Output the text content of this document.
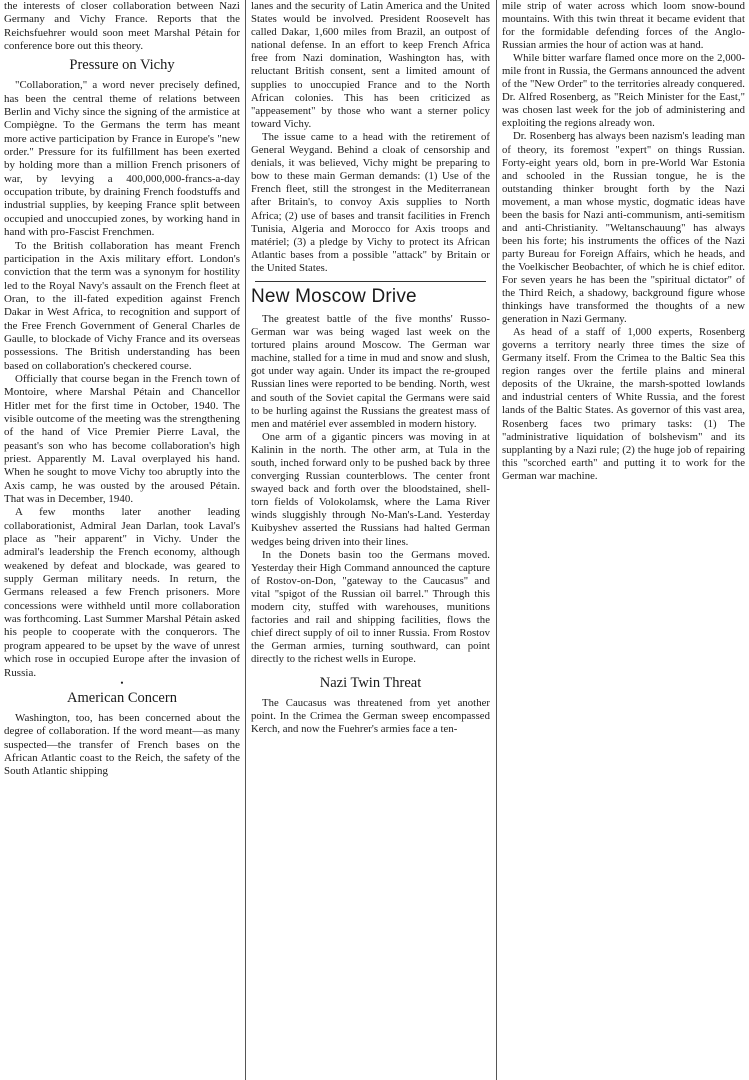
the interests of closer collaboration between Nazi Germany and Vichy France. Reports that the Reichsfuehrer would soon meet Marshal Pétain for conference bore out this theory.

Pressure on Vichy

"Collaboration," a word never precisely defined, has been the central theme of relations between Berlin and Vichy since the signing of the armistice at Compiègne. To the Germans the term has meant more active participation by France in Europe's "new order." Pressure for its fulfillment has been exerted by holding more than a million French prisoners of war, by levying a 400,000,000-francs-a-day occupation tribute, by draining French foodstuffs and industrial supplies, by keeping France split between occupied and unoccupied zones, by working hand in hand with pro-Fascist Frenchmen.

To the British collaboration has meant French participation in the Axis military effort. London's conviction that the term was a synonym for hostility led to the Royal Navy's assault on the French fleet at Oran, to the ill-fated expedition against French Dakar in West Africa, to recognition and support of the Free French Government of General Charles de Gaulle, to blockade of Vichy France and its overseas possessions. The British understanding has been based on collaboration's checkered course.

Officially that course began in the French town of Montoire, where Marshal Pétain and Chancellor Hitler met for the first time in October, 1940. The visible outcome of the meeting was the strengthening of the hand of Vice Premier Pierre Laval, the peasant's son who has become collaboration's high priest. Apparently M. Laval overplayed his hand. When he sought to move Vichy too abruptly into the Axis camp, he was ousted by the aroused Pétain. That was in December, 1940.

A few months later another leading collaborationist, Admiral Jean Darlan, took Laval's place as "heir apparent" in Vichy. Under the admiral's leadership the French economy, although weakened by defeat and blockade, was geared to supply German military needs. In return, the Germans released a few French prisoners. More concessions were withheld until more collaboration was forthcoming. Last Summer Marshal Pétain asked his people to cooperate with the conquerors. The program appeared to be upset by the wave of unrest which rose in occupied Europe after the invasion of Russia.

•
American Concern

Washington, too, has been concerned about the degree of collaboration. If the word meant—as many suspected—the transfer of French bases on the African Atlantic coast to the Reich, the safety of the South Atlantic shipping

lanes and the security of Latin America and the United States would be involved. President Roosevelt has called Dakar, 1,600 miles from Brazil, an outpost of national defense. In an effort to keep French Africa free from Nazi domination, Washington has, with reluctant British consent, sent a limited amount of supplies to unoccupied France and to the North African colonies. This has been criticized as "appeasement" by those who want a sterner policy toward Vichy.

The issue came to a head with the retirement of General Weygand. Behind a cloak of censorship and denials, it was believed, Vichy might be preparing to bow to these main German demands: (1) Use of the French fleet, still the strongest in the Mediterranean after Britain's, to convoy Axis supplies to North Africa; (2) use of bases and transit facilities in French Tunisia, Algeria and Morocco for Axis troops and matériel; (3) a pledge by Vichy to protect its African Atlantic bases from a possible "attack" by Britain or the United States.

New Moscow Drive

The greatest battle of the five months' Russo-German war was being waged last week on the tortured plains around Moscow. The German war machine, stalled for a time in mud and snow and slush, got under way again. Under its impact the re-grouped Russian lines were reported to be bending. North, west and south of the Soviet capital the Germans were said to be hurling against the Russians the greatest mass of men and matériel ever assembled in modern history.

One arm of a gigantic pincers was moving in at Kalinin in the north. The other arm, at Tula in the south, inched forward only to be pushed back by three converging Russian counterblows. The center front swayed back and forth over the bloodstained, shell-torn fields of Volokolamsk, where the Lama River winds sluggishly through No-Man's-Land. Yesterday Kuibyshev asserted the Russians had halted German wedges being driven into their lines.

In the Donets basin too the Germans moved. Yesterday their High Command announced the capture of Rostov-on-Don, "gateway to the Caucasus" and vital "spigot of the Russian oil barrel." Through this modern city, stuffed with warehouses, munitions factories and rail and shipping facilities, flows the chief direct supply of oil to inner Russia. From Rostov the German armies, turning southward, can point directly to the richest wells in Europe.

Nazi Twin Threat

The Caucasus was threatened from yet another point. In the Crimea the German sweep encompassed Kerch, and now the Fuehrer's armies face a ten-

mile strip of water across which loom snow-bound mountains. With this twin threat it became evident that for the formidable defending forces of the Anglo-Russian armies the hour of action was at hand.

While bitter warfare flamed once more on the 2,000-mile front in Russia, the Germans announced the advent of the "New Order" to the territories already conquered. Dr. Alfred Rosenberg, as "Reich Minister for the East," was chosen last week for the job of administering and exploiting the regions already won.

Dr. Rosenberg has always been nazism's leading man of theory, its foremost "expert" on things Russian. Forty-eight years old, born in pre-World War Estonia and schooled in the Russian tongue, he is the outstanding thinker brought forth by the Nazi movement, a man whose mystic, dogmatic ideas have been the basis for Nazi anti-communism, anti-semitism and anti-Christianity. "Weltanschauung" has always been his forte; his instruments the offices of the Nazi party Bureau for Foreign Affairs, which he heads, and the Voelkischer Beobachter, of which he is chief editor. For seven years he has been the "spiritual dictator" of the Third Reich, a shadowy, background figure whose thinkings have transformed the thoughts of a new generation in Nazi Germany.

As head of a staff of 1,000 experts, Rosenberg governs a territory nearly three times the size of Germany itself. From the Crimea to the Baltic Sea this region ranges over the fertile plains and mineral deposits of the Ukraine, the marsh-spotted lowlands and industrial centers of White Russia, and the forest lands of the Baltic States. As governor of this vast area, Rosenberg faces two primary tasks: (1) The "administrative liquidation of bolshevism" and its supplanting by a Nazi rule; (2) the huge job of repairing this "scorched earth" and putting it to work for the German war machine.
